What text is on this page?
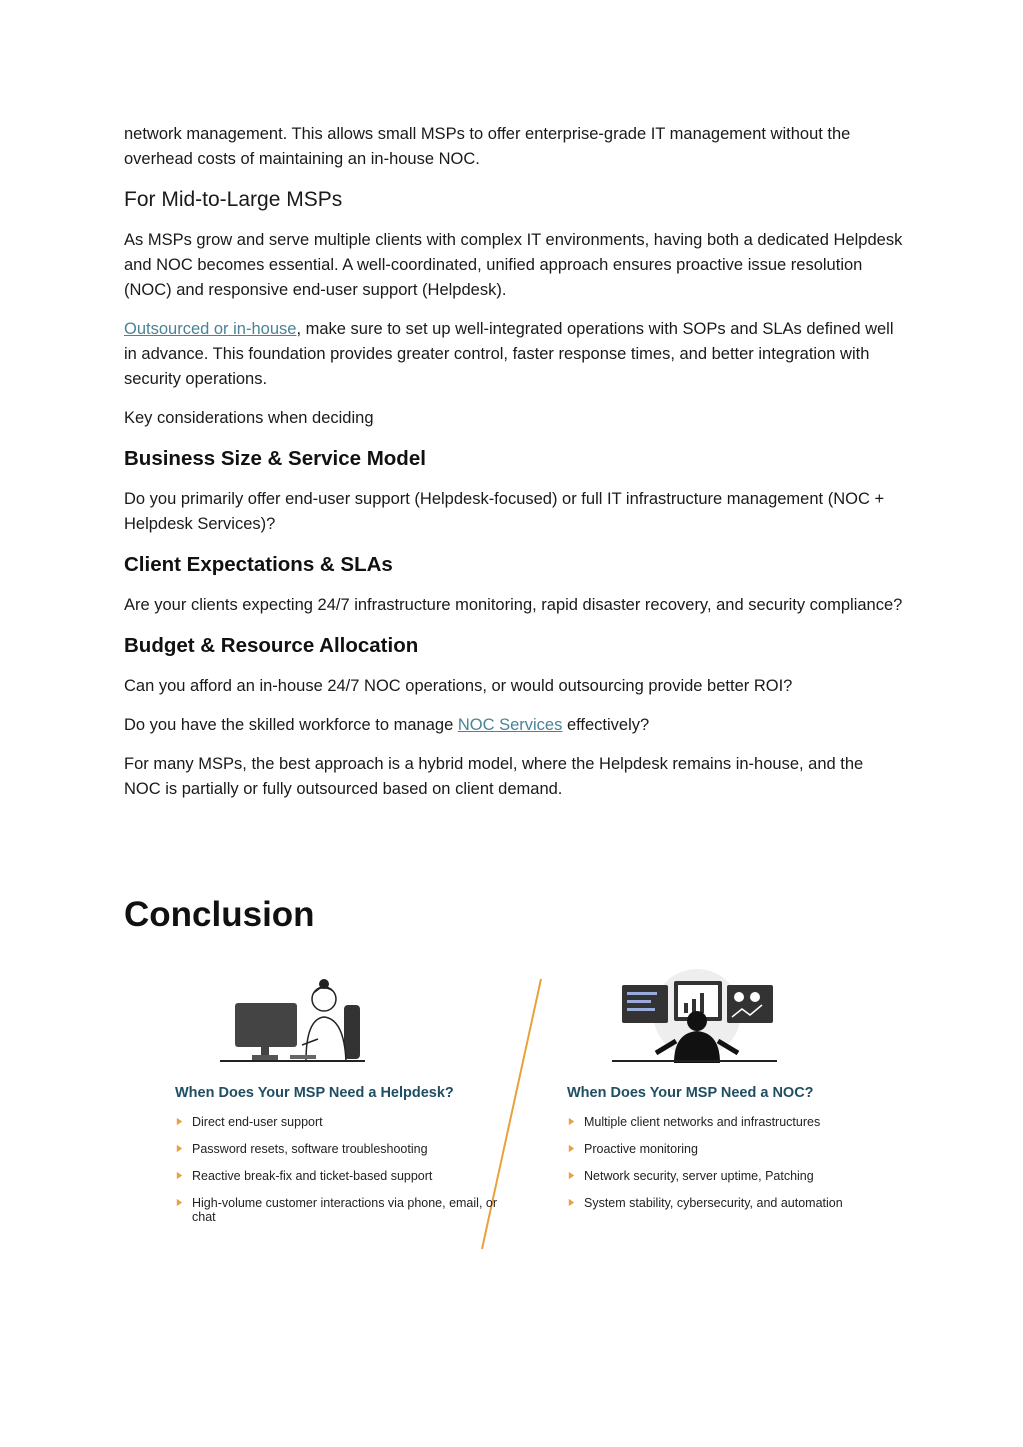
network management. This allows small MSPs to offer enterprise-grade IT management without the overhead costs of maintaining an in-house NOC.

For Mid-to-Large MSPs

As MSPs grow and serve multiple clients with complex IT environments, having both a dedicated Helpdesk and NOC becomes essential. A well-coordinated, unified approach ensures proactive issue resolution (NOC) and responsive end-user support (Helpdesk).

Outsourced or in-house, make sure to set up well-integrated operations with SOPs and SLAs defined well in advance. This foundation provides greater control, faster response times, and better integration with security operations.

Key considerations when deciding

Business Size & Service Model

Do you primarily offer end-user support (Helpdesk-focused) or full IT infrastructure management (NOC + Helpdesk Services)?

Client Expectations & SLAs

Are your clients expecting 24/7 infrastructure monitoring, rapid disaster recovery, and security compliance?

Budget & Resource Allocation

Can you afford an in-house 24/7 NOC operations, or would outsourcing provide better ROI?

Do you have the skilled workforce to manage NOC Services effectively?

For many MSPs, the best approach is a hybrid model, where the Helpdesk remains in-house, and the NOC is partially or fully outsourced based on client demand.

Conclusion
When Does Your MSP Need a Helpdesk?
Direct end-user support
Password resets, software troubleshooting
Reactive break-fix and ticket-based support
High-volume customer interactions via phone, email, or chat
When Does Your MSP Need a NOC?
Multiple client networks and infrastructures
Proactive monitoring
Network security, server uptime, Patching
System stability, cybersecurity, and automation
